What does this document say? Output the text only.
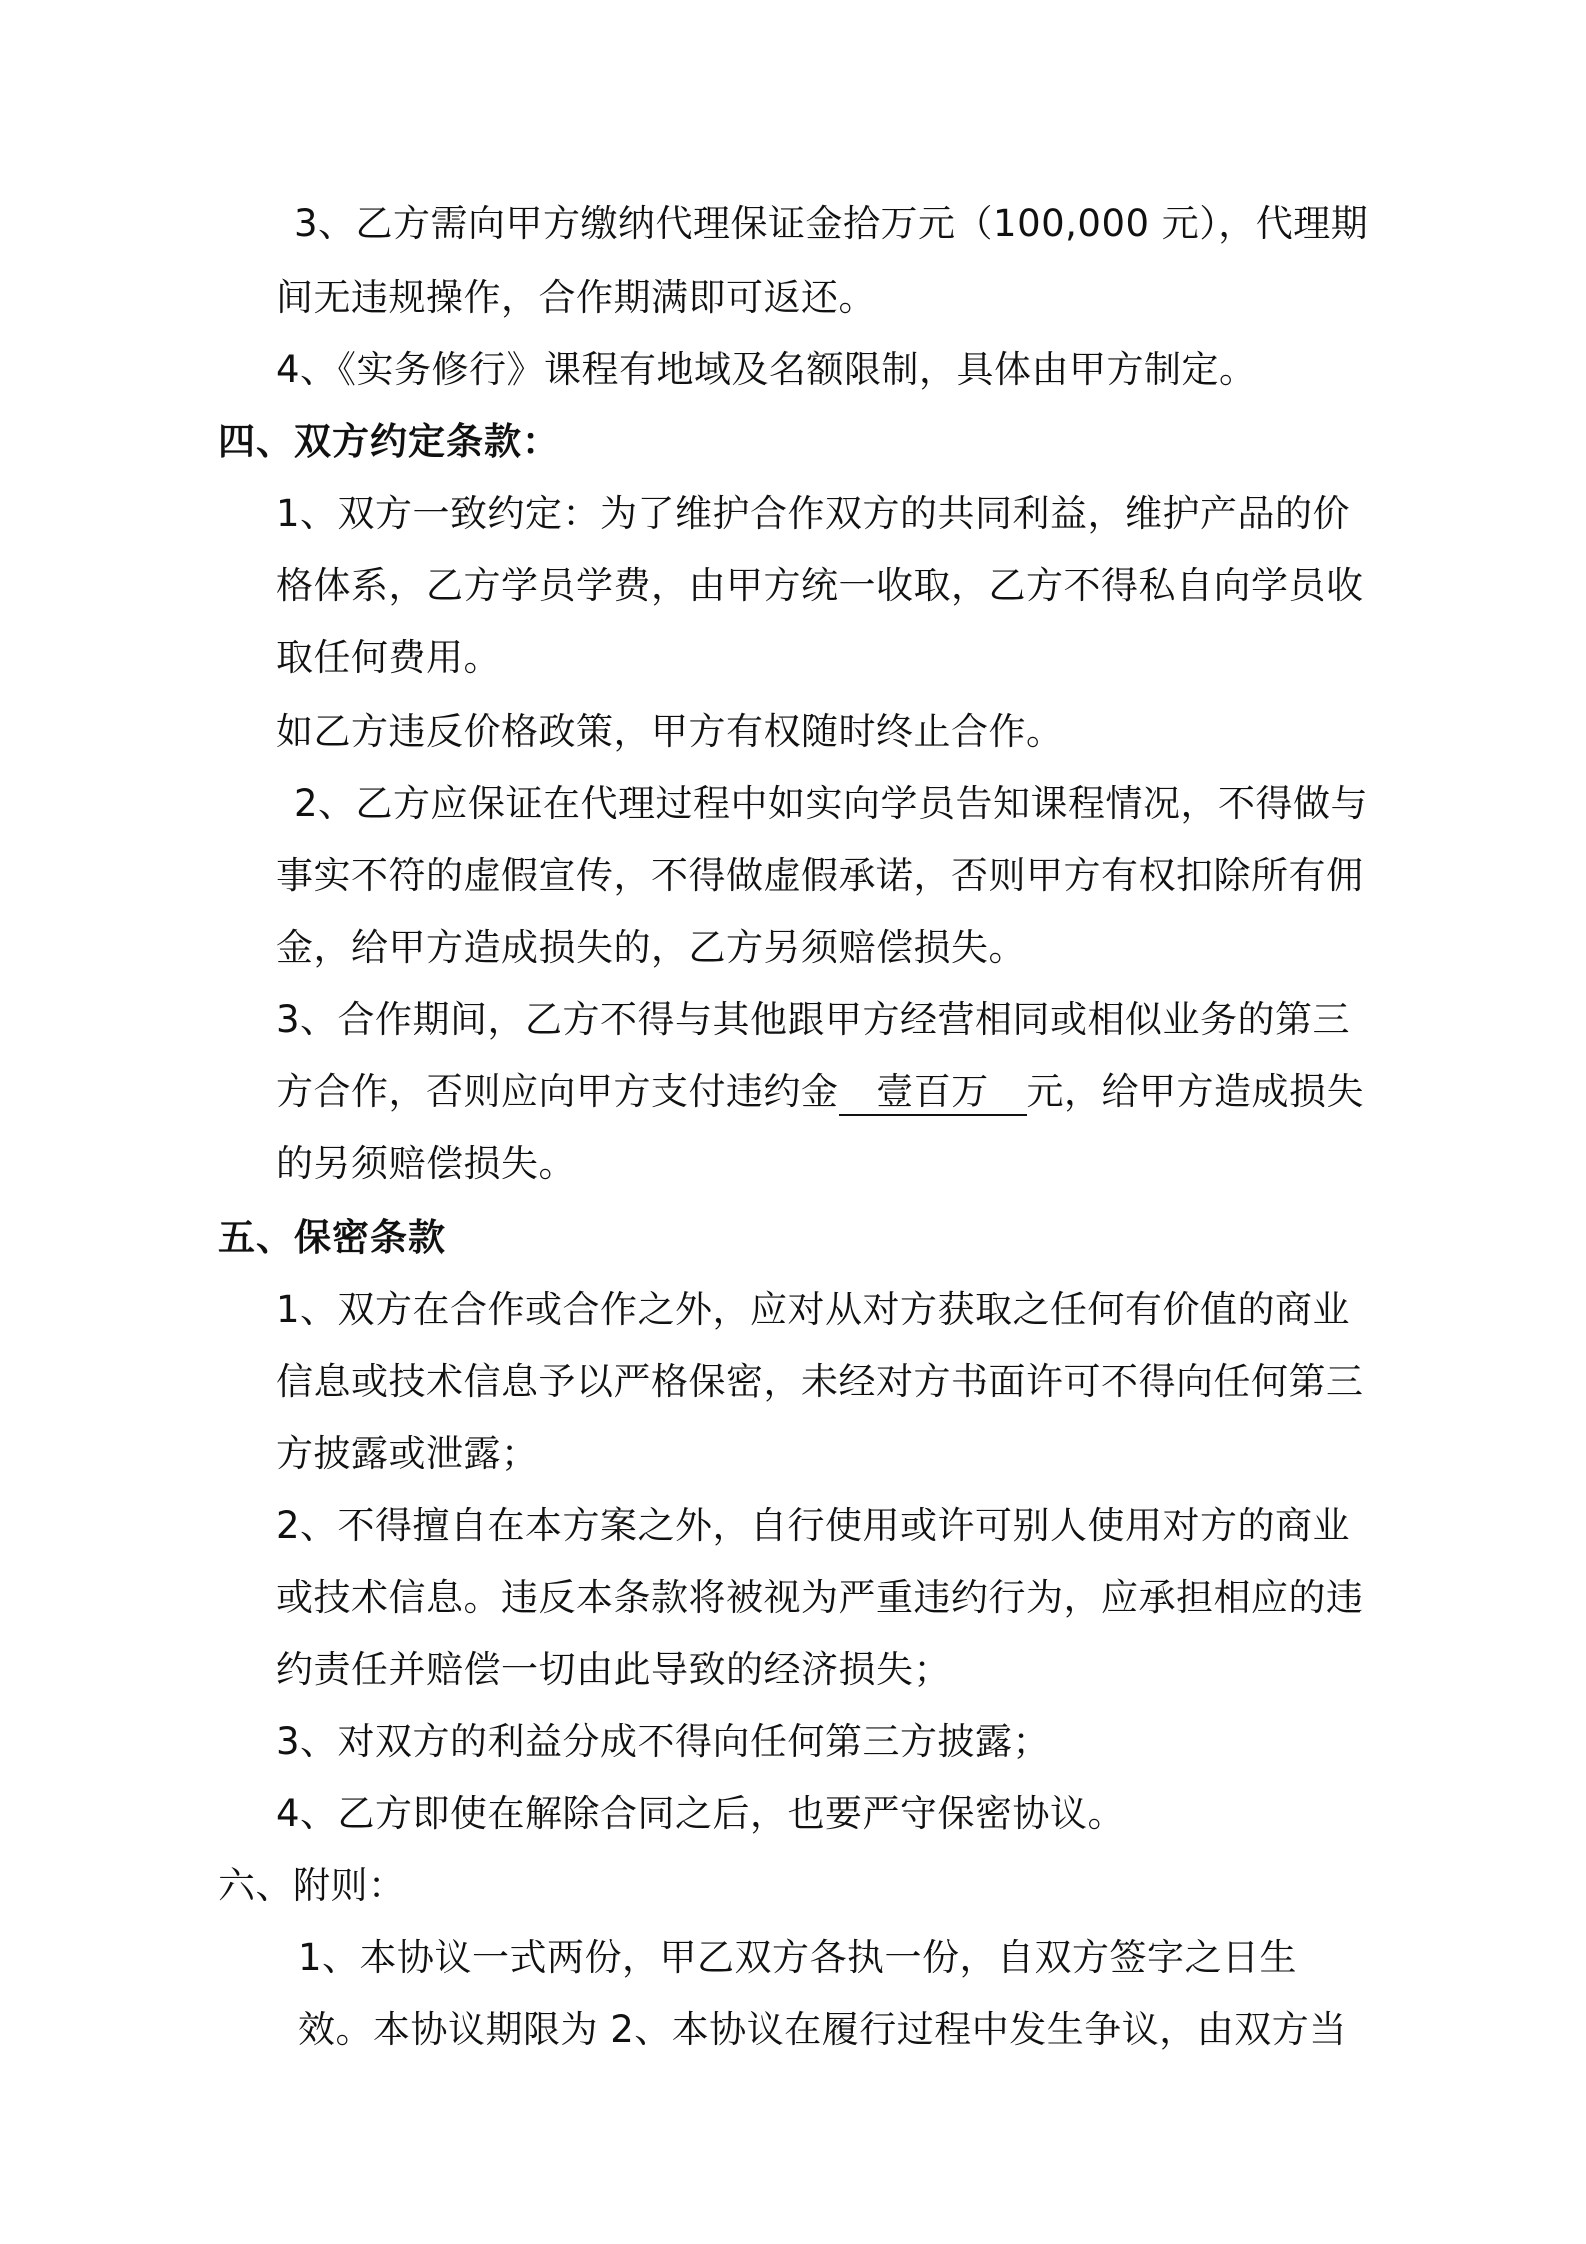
3、乙方需向甲方缴纳代理保证金拾万元（100,000 元），代理期
间无违规操作，合作期满即可返还。
4、《实务修行》课程有地域及名额限制，具体由甲方制定。
四、双方约定条款：
1、双方一致约定：为了维护合作双方的共同利益，维护产品的价
格体系，乙方学员学费，由甲方统一收取，乙方不得私自向学员收
取任何费用。
如乙方违反价格政策，甲方有权随时终止合作。
2、乙方应保证在代理过程中如实向学员告知课程情况，不得做与
事实不符的虚假宣传，不得做虚假承诺，否则甲方有权扣除所有佣
金，给甲方造成损失的，乙方另须赔偿损失。
3、合作期间，乙方不得与其他跟甲方经营相同或相似业务的第三
方合作，否则应向甲方支付违约金 壹百万 元，给甲方造成损失
的另须赔偿损失。
五、保密条款
1、双方在合作或合作之外，应对从对方获取之任何有价值的商业
信息或技术信息予以严格保密，未经对方书面许可不得向任何第三
方披露或泄露；
2、不得擅自在本方案之外，自行使用或许可别人使用对方的商业
或技术信息。违反本条款将被视为严重违约行为，应承担相应的违
约责任并赔偿一切由此导致的经济损失；
3、对双方的利益分成不得向任何第三方披露；
4、乙方即使在解除合同之后，也要严守保密协议。
六、附则：
1、本协议一式两份，甲乙双方各执一份，自双方签字之日生
效。本协议期限为 2、本协议在履行过程中发生争议，由双方当
